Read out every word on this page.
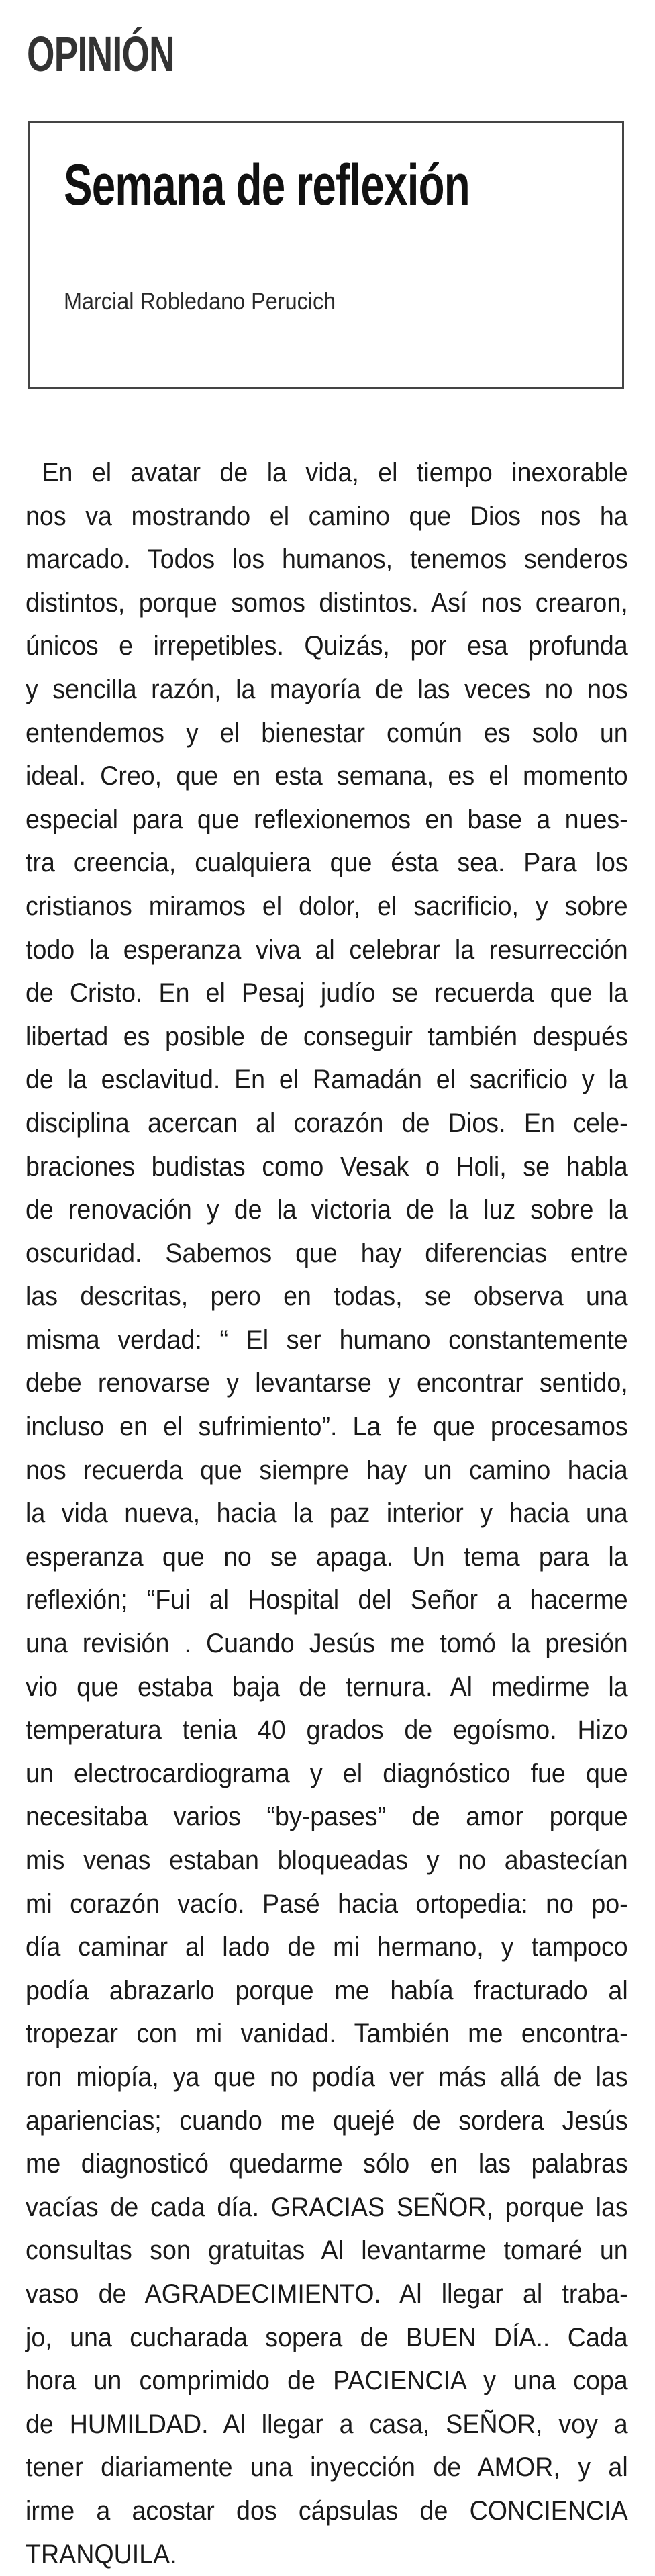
OPINIÓN
Semana de reflexión
Marcial Robledano Perucich
En el avatar de la vida, el tiempo inexorable
nos va mostrando el camino que Dios nos ha
marcado. Todos los humanos, tenemos senderos
distintos, porque somos distintos. Así nos crearon,
únicos e irrepetibles. Quizás, por esa profunda
y sencilla razón, la mayoría de las veces no nos
entendemos y el bienestar común es solo un
ideal. Creo, que en esta semana, es el momento
especial para que reflexionemos en base a nues-
tra creencia, cualquiera que ésta sea. Para los
cristianos miramos el dolor, el sacrificio, y sobre
todo la esperanza viva al celebrar la resurrección
de Cristo. En el Pesaj judío se recuerda que la
libertad es posible de conseguir también después
de la esclavitud. En el Ramadán el sacrificio y la
disciplina acercan al corazón de Dios. En cele-
braciones budistas como Vesak o Holi, se habla
de renovación y de la victoria de la luz sobre la
oscuridad. Sabemos que hay diferencias entre
las descritas, pero en todas, se observa una
misma verdad: “ El ser humano constantemente
debe renovarse y levantarse y encontrar sentido,
incluso en el sufrimiento”. La fe que procesamos
nos recuerda que siempre hay un camino hacia
la vida nueva, hacia la paz interior y hacia una
esperanza que no se apaga. Un tema para la
reflexión; “Fui al Hospital del Señor a hacerme
una revisión . Cuando Jesús me tomó la presión
vio que estaba baja de ternura. Al medirme la
temperatura tenia 40 grados de egoísmo. Hizo
un electrocardiograma y el diagnóstico fue que
necesitaba varios “by-pases” de amor porque
mis venas estaban bloqueadas y no abastecían
mi corazón vacío. Pasé hacia ortopedia: no po-
día caminar al lado de mi hermano, y tampoco
podía abrazarlo porque me había fracturado al
tropezar con mi vanidad. También me encontra-
ron miopía, ya que no podía ver más allá de las
apariencias; cuando me quejé de sordera Jesús
me diagnosticó quedarme sólo en las palabras
vacías de cada día. GRACIAS SEÑOR, porque las
consultas son gratuitas Al levantarme tomaré un
vaso de AGRADECIMIENTO. Al llegar al traba-
jo, una cucharada sopera de BUEN DÍA.. Cada
hora un comprimido de PACIENCIA y una copa
de HUMILDAD. Al llegar a casa, SEÑOR, voy a
tener diariamente una inyección de AMOR, y al
irme a acostar dos cápsulas de CONCIENCIA
TRANQUILA.
